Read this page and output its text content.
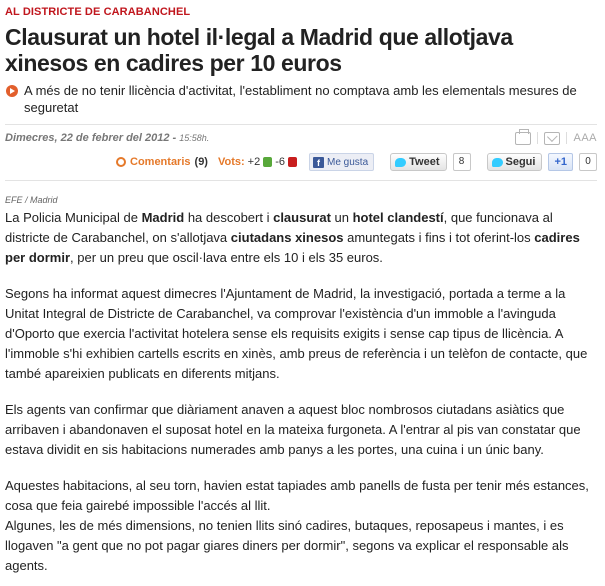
AL DISTRICTE DE CARABANCHEL
Clausurat un hotel il·legal a Madrid que allotjava xinesos en cadires per 10 euros
A més de no tenir llicència d'activitat, l'establiment no comptava amb les elementals mesures de seguretat
Dimecres, 22 de febrer del 2012 - 15:58h.	AAA
Comentaris (9) Vots: +2 -6	f Me gusta	Tweet	8	Segui	+1	0
EFE / Madrid

La Policia Municipal de Madrid ha descobert i clausurat un hotel clandestí, que funcionava al districte de Carabanchel, on s'allotjava ciutadans xinesos amuntegats i fins i tot oferint-los cadires per dormir, per un preu que oscil·lava entre els 10 i els 35 euros.

Segons ha informat aquest dimecres l'Ajuntament de Madrid, la investigació, portada a terme a la Unitat Integral de Districte de Carabanchel, va comprovar l'existència d'un immoble a l'avinguda d'Oporto que exercia l'activitat hotelera sense els requisits exigits i sense cap tipus de llicència. A l'immoble s'hi exhibien cartells escrits en xinès, amb preus de referència i un telèfon de contacte, que també apareixien publicats en diferents mitjans.

Els agents van confirmar que diàriament anaven a aquest bloc nombrosos ciutadans asiàtics que arribaven i abandonaven el suposat hotel en la mateixa furgoneta. A l'entrar al pis van constatar que estava dividit en sis habitacions numerades amb panys a les portes, una cuina i un únic bany.

Aquestes habitacions, al seu torn, havien estat tapiades amb panells de fusta per tenir més estances, cosa que feia gairebé impossible l'accés al llit.

Algunes, les de més dimensions, no tenien llits sinó cadires, butaques, reposapeus i mantes, i es llogaven "a gent que no pot pagar giares diners per dormir", segons va explicar el responsable als agents.
